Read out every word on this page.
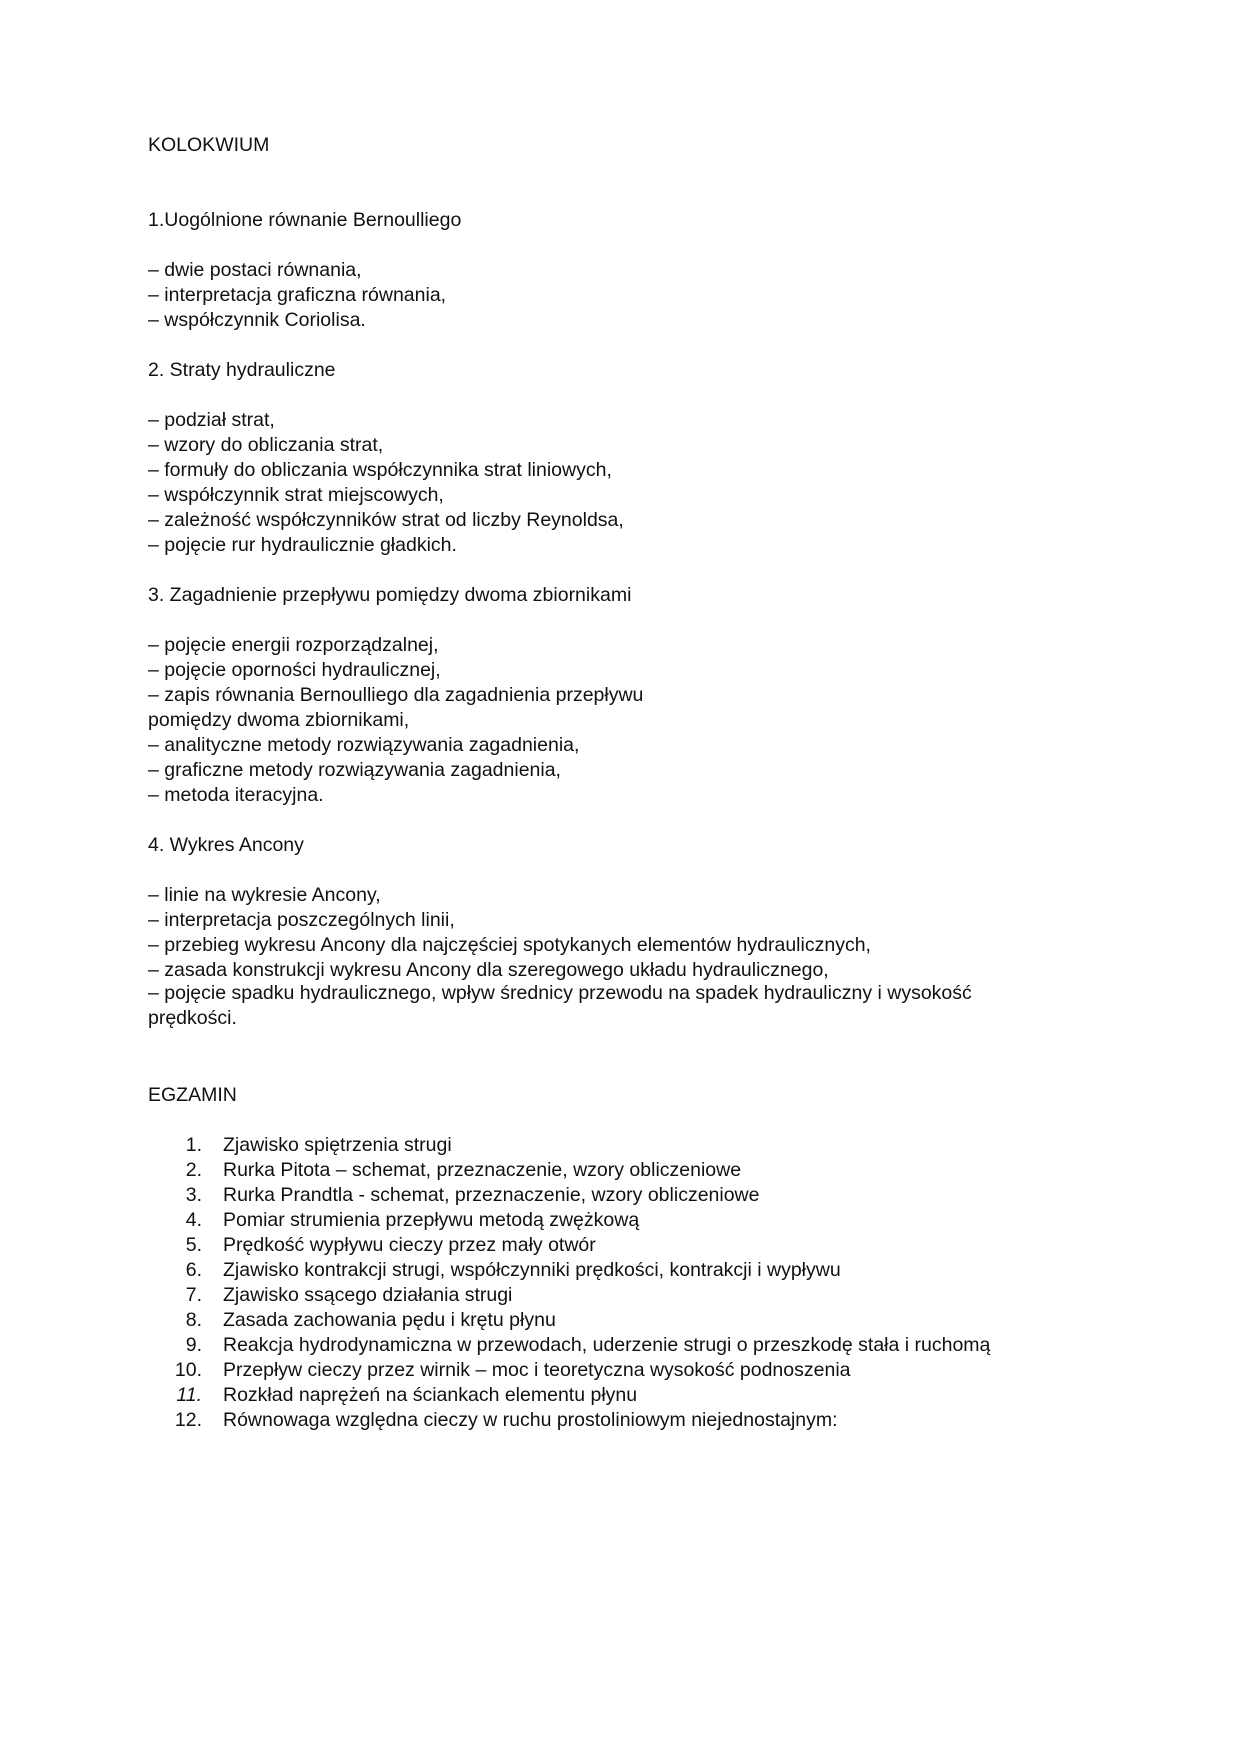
KOLOKWIUM
1.Uogólnione równanie Bernoulliego
– dwie postaci równania,
– interpretacja graficzna równania,
– współczynnik Coriolisa.
2. Straty hydrauliczne
– podział strat,
– wzory do obliczania strat,
– formuły do obliczania współczynnika strat liniowych,
– współczynnik strat miejscowych,
– zależność współczynników strat od liczby Reynoldsa,
– pojęcie rur hydraulicznie gładkich.
3. Zagadnienie przepływu pomiędzy dwoma zbiornikami
– pojęcie energii rozporządzalnej,
– pojęcie oporności hydraulicznej,
– zapis równania Bernoulliego dla zagadnienia przepływu
pomiędzy dwoma zbiornikami,
– analityczne metody rozwiązywania zagadnienia,
– graficzne metody rozwiązywania zagadnienia,
– metoda iteracyjna.
4. Wykres Ancony
– linie na wykresie Ancony,
– interpretacja poszczególnych linii,
– przebieg wykresu Ancony dla najczęściej spotykanych elementów hydraulicznych,
– zasada konstrukcji wykresu Ancony dla szeregowego układu hydraulicznego,
– pojęcie spadku hydraulicznego, wpływ średnicy przewodu na spadek hydrauliczny i wysokość prędkości.
EGZAMIN
1. Zjawisko spiętrzenia strugi
2. Rurka Pitota – schemat, przeznaczenie, wzory obliczeniowe
3. Rurka Prandtla - schemat, przeznaczenie, wzory obliczeniowe
4. Pomiar strumienia przepływu metodą zwężkową
5. Prędkość wypływu cieczy przez mały otwór
6. Zjawisko kontrakcji strugi, współczynniki prędkości, kontrakcji i wypływu
7. Zjawisko ssącego działania strugi
8. Zasada zachowania pędu i krętu płynu
9. Reakcja hydrodynamiczna w przewodach, uderzenie strugi o przeszkodę stała i ruchomą
10. Przepływ cieczy przez wirnik – moc i teoretyczna wysokość podnoszenia
11. Rozkład naprężeń na ściankach elementu płynu
12. Równowaga względna cieczy w ruchu prostoliniowym niejednostajnym:
